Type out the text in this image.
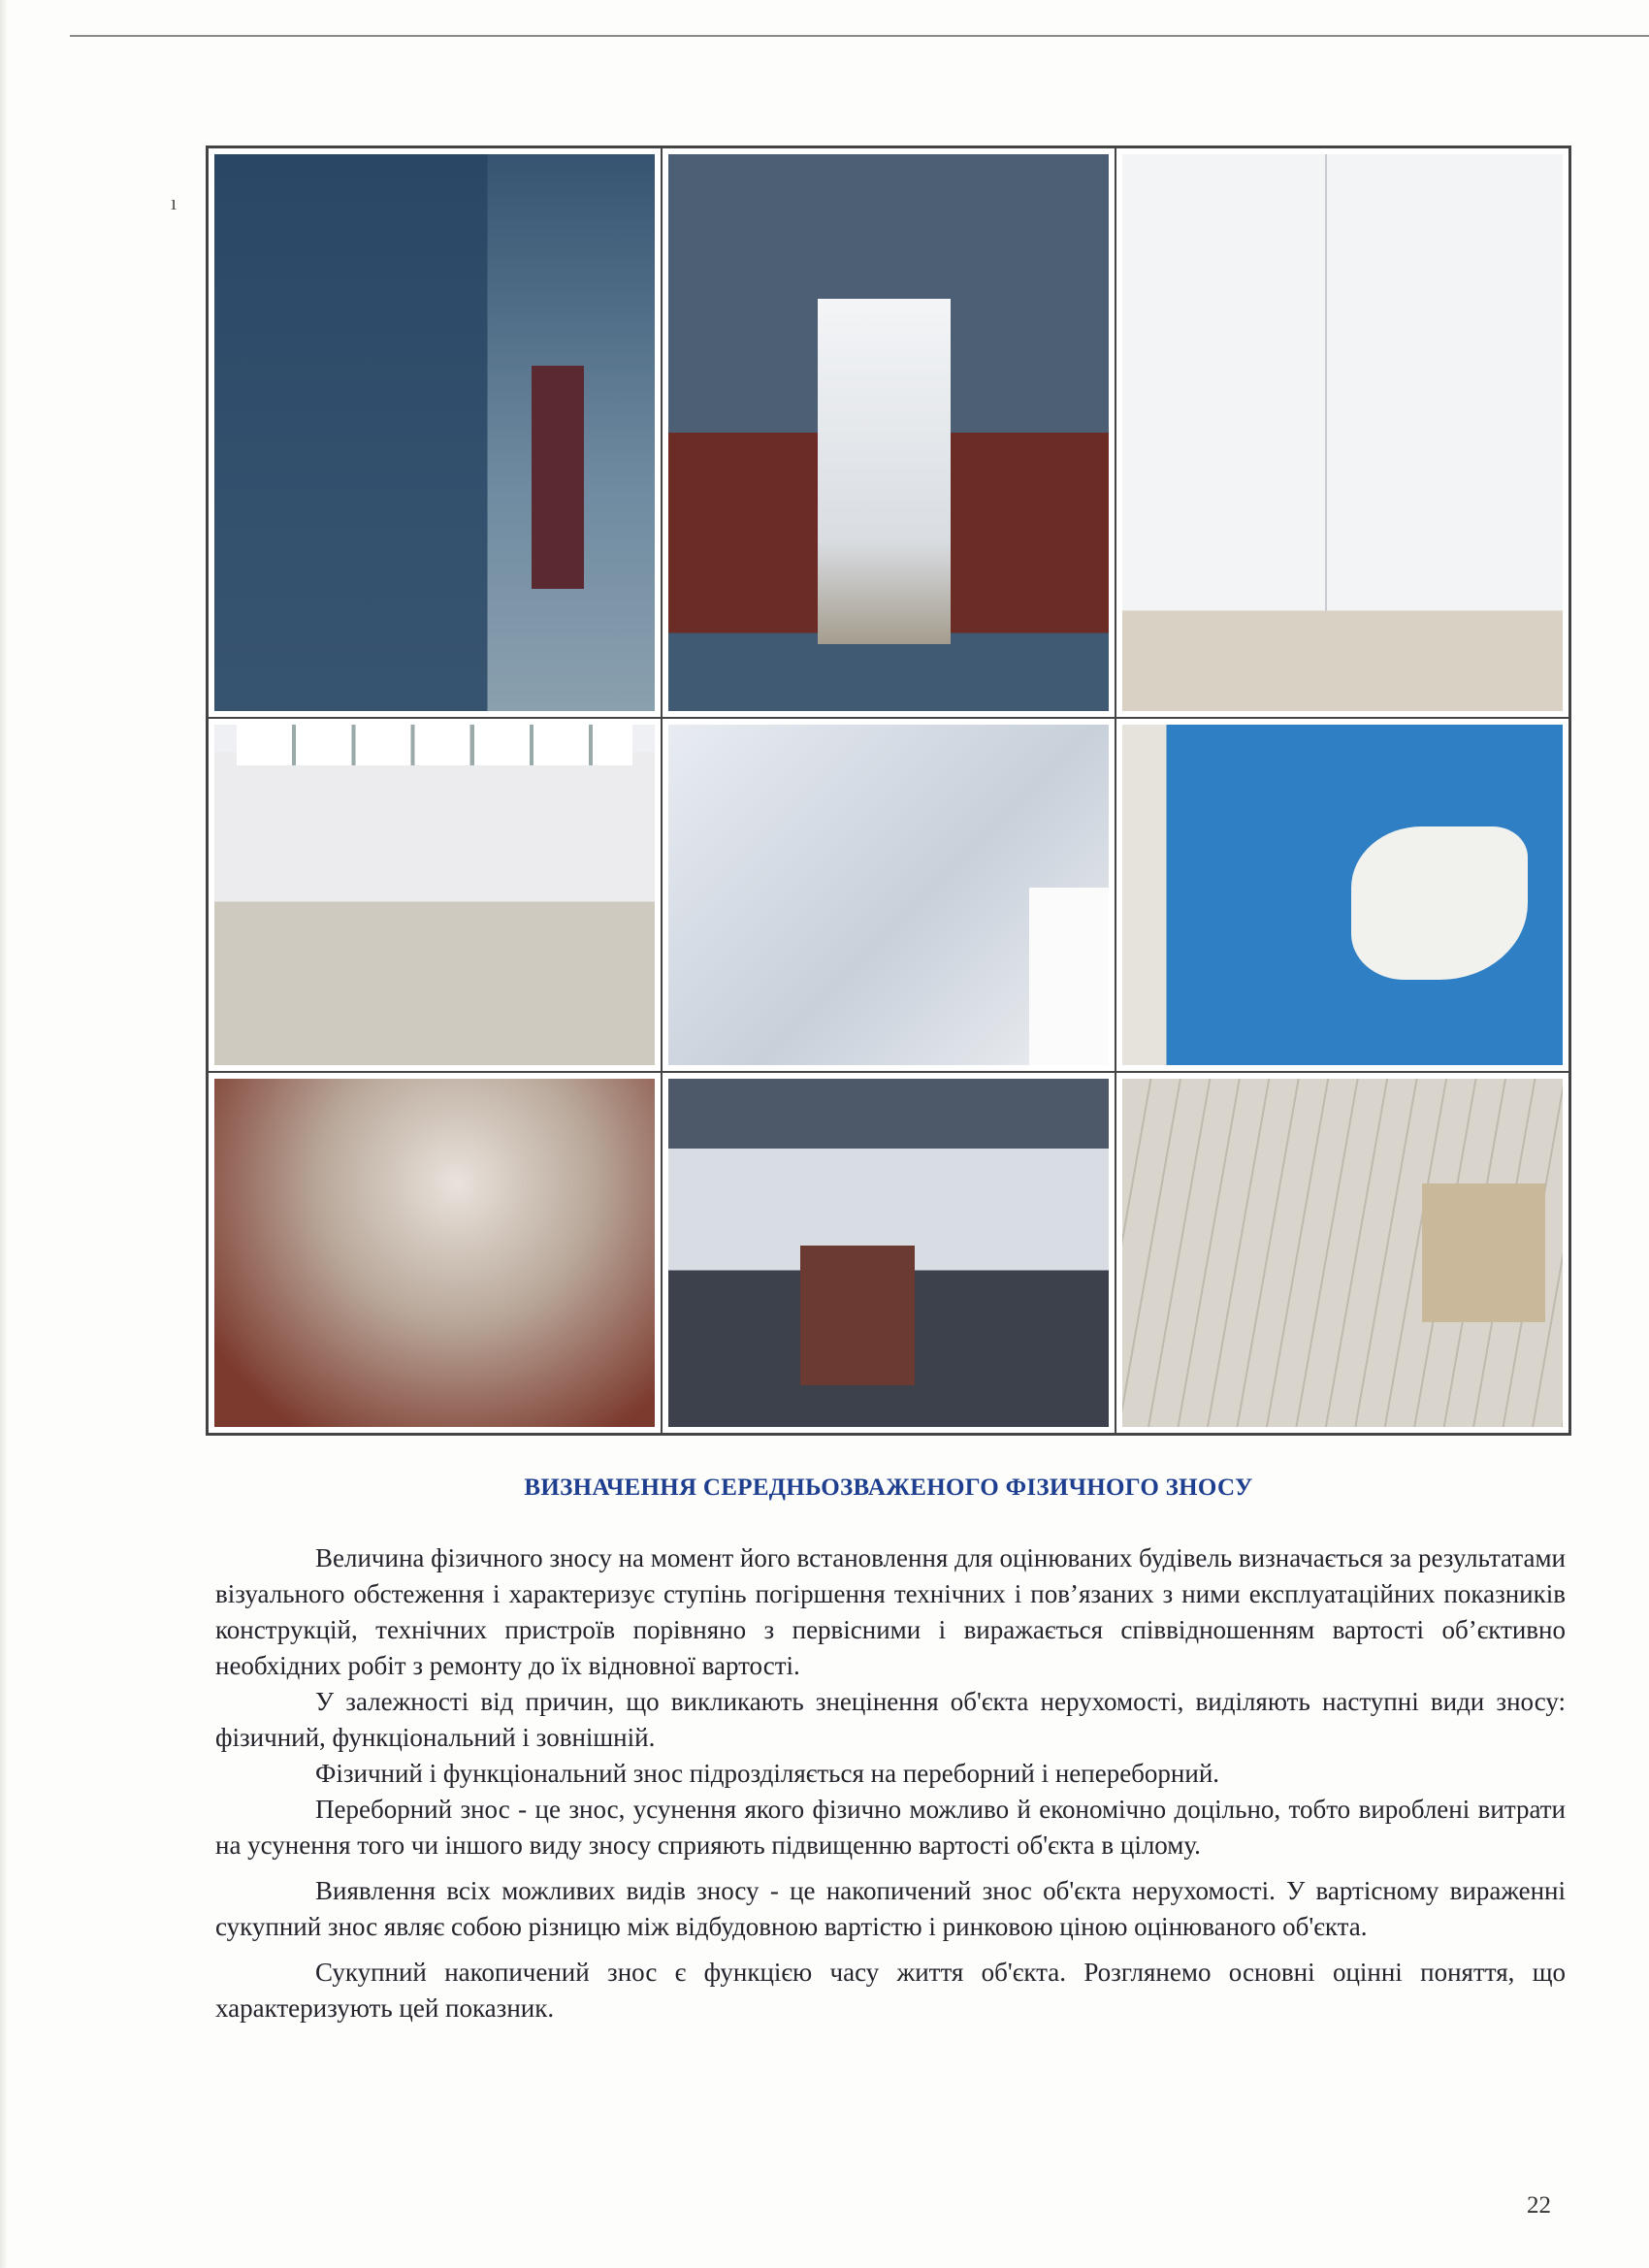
ı
ВИЗНАЧЕННЯ СЕРЕДНЬОЗВАЖЕНОГО ФІЗИЧНОГО ЗНОСУ

Величина фізичного зносу на момент його встановлення для оцінюваних будівель визначається за результатами візуального обстеження і характеризує ступінь погіршення технічних і пов’язаних з ними експлуатаційних показників конструкцій, технічних пристроїв порівняно з первісними і виражається співвідношенням вартості об’єктивно необхідних робіт з ремонту до їх відновної вартості.

У залежності від причин, що викликають знецінення об'єкта нерухомості, виділяють наступні види зносу: фізичний, функціональний і зовнішній.

Фізичний і функціональний знос підрозділяється на переборний і непереборний.

Переборний знос - це знос, усунення якого фізично можливо й економічно доцільно, тобто вироблені витрати на усунення того чи іншого виду зносу сприяють підвищенню вартості об'єкта в цілому.

Виявлення всіх можливих видів зносу - це накопичений знос об'єкта нерухомості. У вартісному вираженні сукупний знос являє собою різницю між відбудовною вартістю і ринковою ціною оцінюваного об'єкта.

Сукупний накопичений знос є функцією часу життя об'єкта. Розглянемо основні оцінні поняття, що характеризують цей показник.

22
